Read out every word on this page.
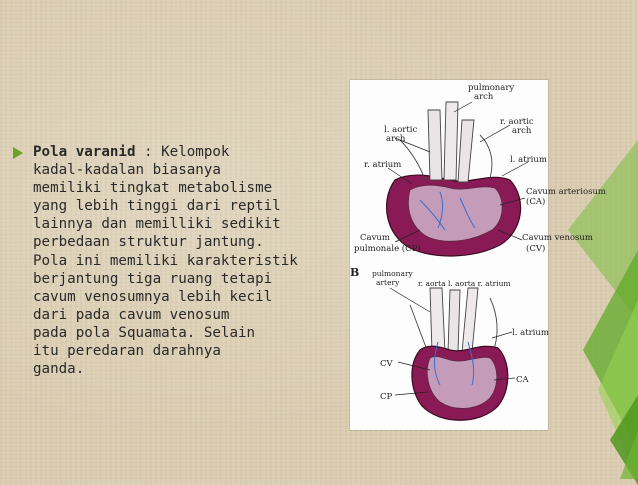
Pola varanid : Kelompok
kadal-kadalan biasanya
memiliki tingkat metabolisme
yang lebih tinggi dari reptil
lainnya dan memilliki sedikit
perbedaan struktur jantung.
Pola ini memiliki karakteristik
berjantung tiga ruang tetapi
cavum venosumnya lebih kecil
dari pada cavum venosum
pada pola Squamata. Selain
itu peredaran darahnya
ganda.
pulmonary
arch
l. aortic
arch
r. aortic
arch
r. atrium	l. atrium
Cavum arteriosum
(CA)
Cavum
pulmonale (CP)
Cavum venosum
(CV)
B pulmonary
artery r. aorta l. aorta r. atrium
l. atrium
CV
CA
CP
